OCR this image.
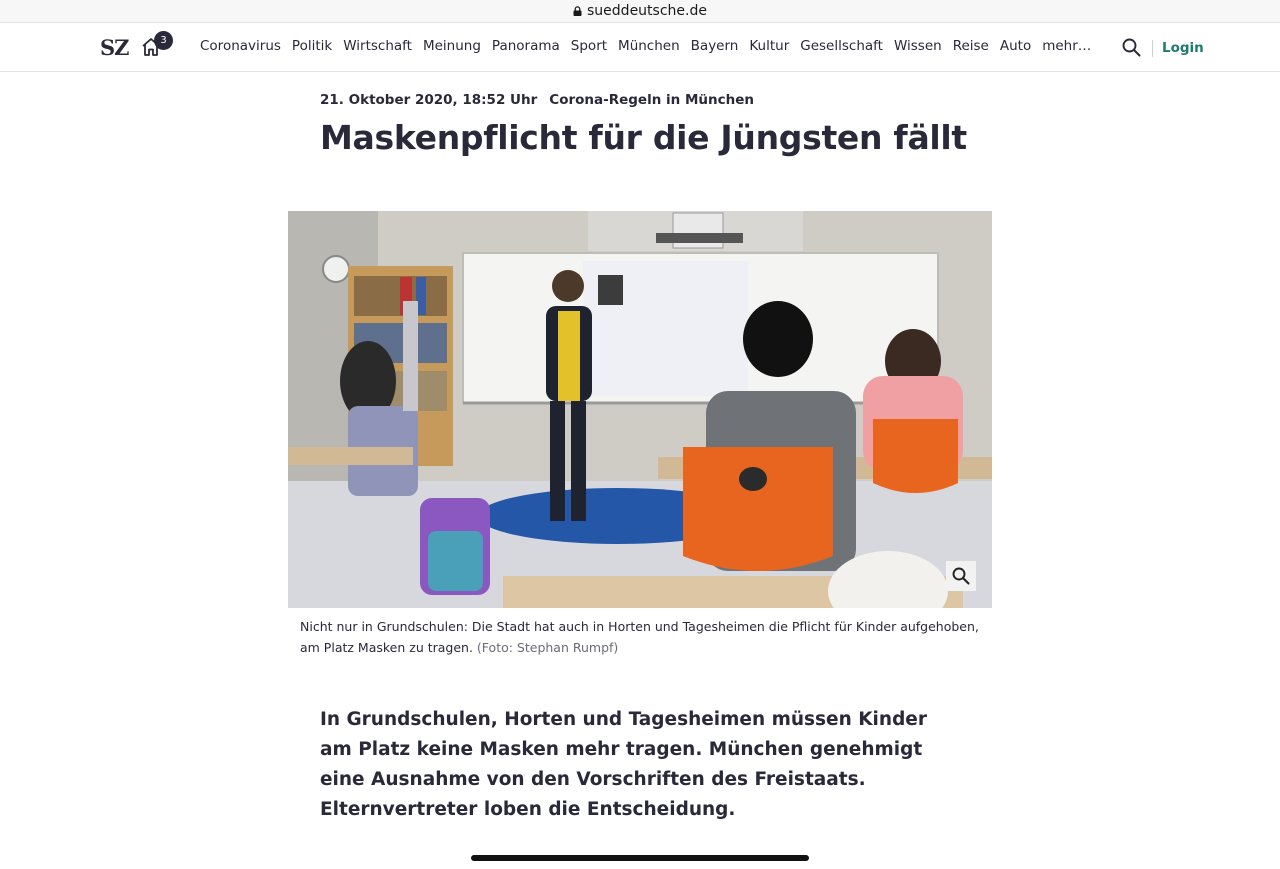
sueddeutsche.de
SZ	3	Coronavirus Politik Wirtschaft Meinung Panorama Sport München Bayern Kultur Gesellschaft Wissen Reise Auto mehr…	Login
21. Oktober 2020, 18:52 Uhr Corona-Regeln in München
Maskenpflicht für die Jüngsten fällt

Nicht nur in Grundschulen: Die Stadt hat auch in Horten und Tagesheimen die Pflicht für Kinder aufgehoben, am Platz Masken zu tragen. (Foto: Stephan Rumpf)

In Grundschulen, Horten und Tagesheimen müssen Kinder am Platz keine Masken mehr tragen. München genehmigt eine Ausnahme von den Vorschriften des Freistaats. Elternvertreter loben die Entscheidung.
